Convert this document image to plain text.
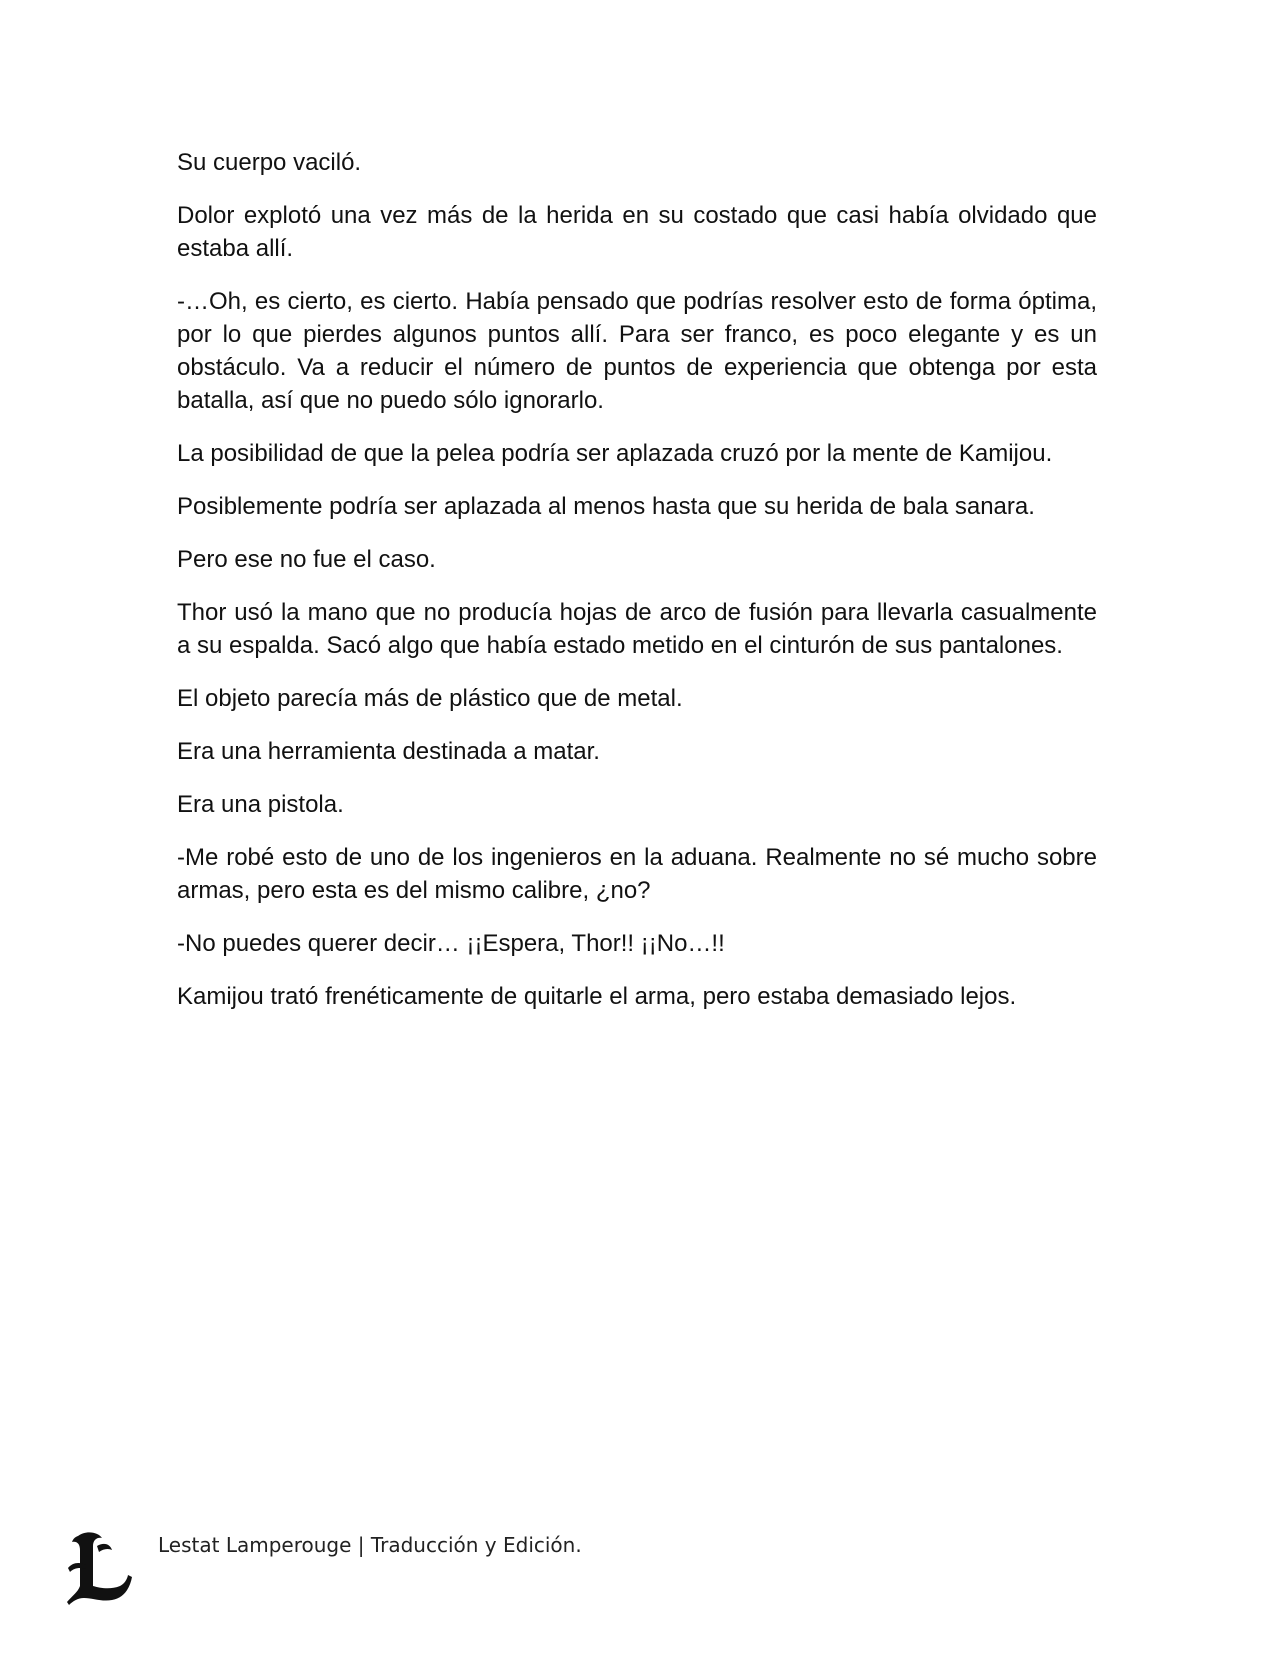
Su cuerpo vaciló.

Dolor explotó una vez más de la herida en su costado que casi había olvidado que estaba allí.

-…Oh, es cierto, es cierto. Había pensado que podrías resolver esto de forma óptima, por lo que pierdes algunos puntos allí. Para ser franco, es poco elegante y es un obstáculo. Va a reducir el número de puntos de experiencia que obtenga por esta batalla, así que no puedo sólo ignorarlo.

La posibilidad de que la pelea podría ser aplazada cruzó por la mente de Kamijou.

Posiblemente podría ser aplazada al menos hasta que su herida de bala sanara.

Pero ese no fue el caso.

Thor usó la mano que no producía hojas de arco de fusión para llevarla casualmente a su espalda. Sacó algo que había estado metido en el cinturón de sus pantalones.

El objeto parecía más de plástico que de metal.

Era una herramienta destinada a matar.

Era una pistola.

-Me robé esto de uno de los ingenieros en la aduana. Realmente no sé mucho sobre armas, pero esta es del mismo calibre, ¿no?

-No puedes querer decir… ¡¡Espera, Thor!! ¡¡No…!!

Kamijou trató frenéticamente de quitarle el arma, pero estaba demasiado lejos.

Lestat Lamperouge | Traducción y Edición.
